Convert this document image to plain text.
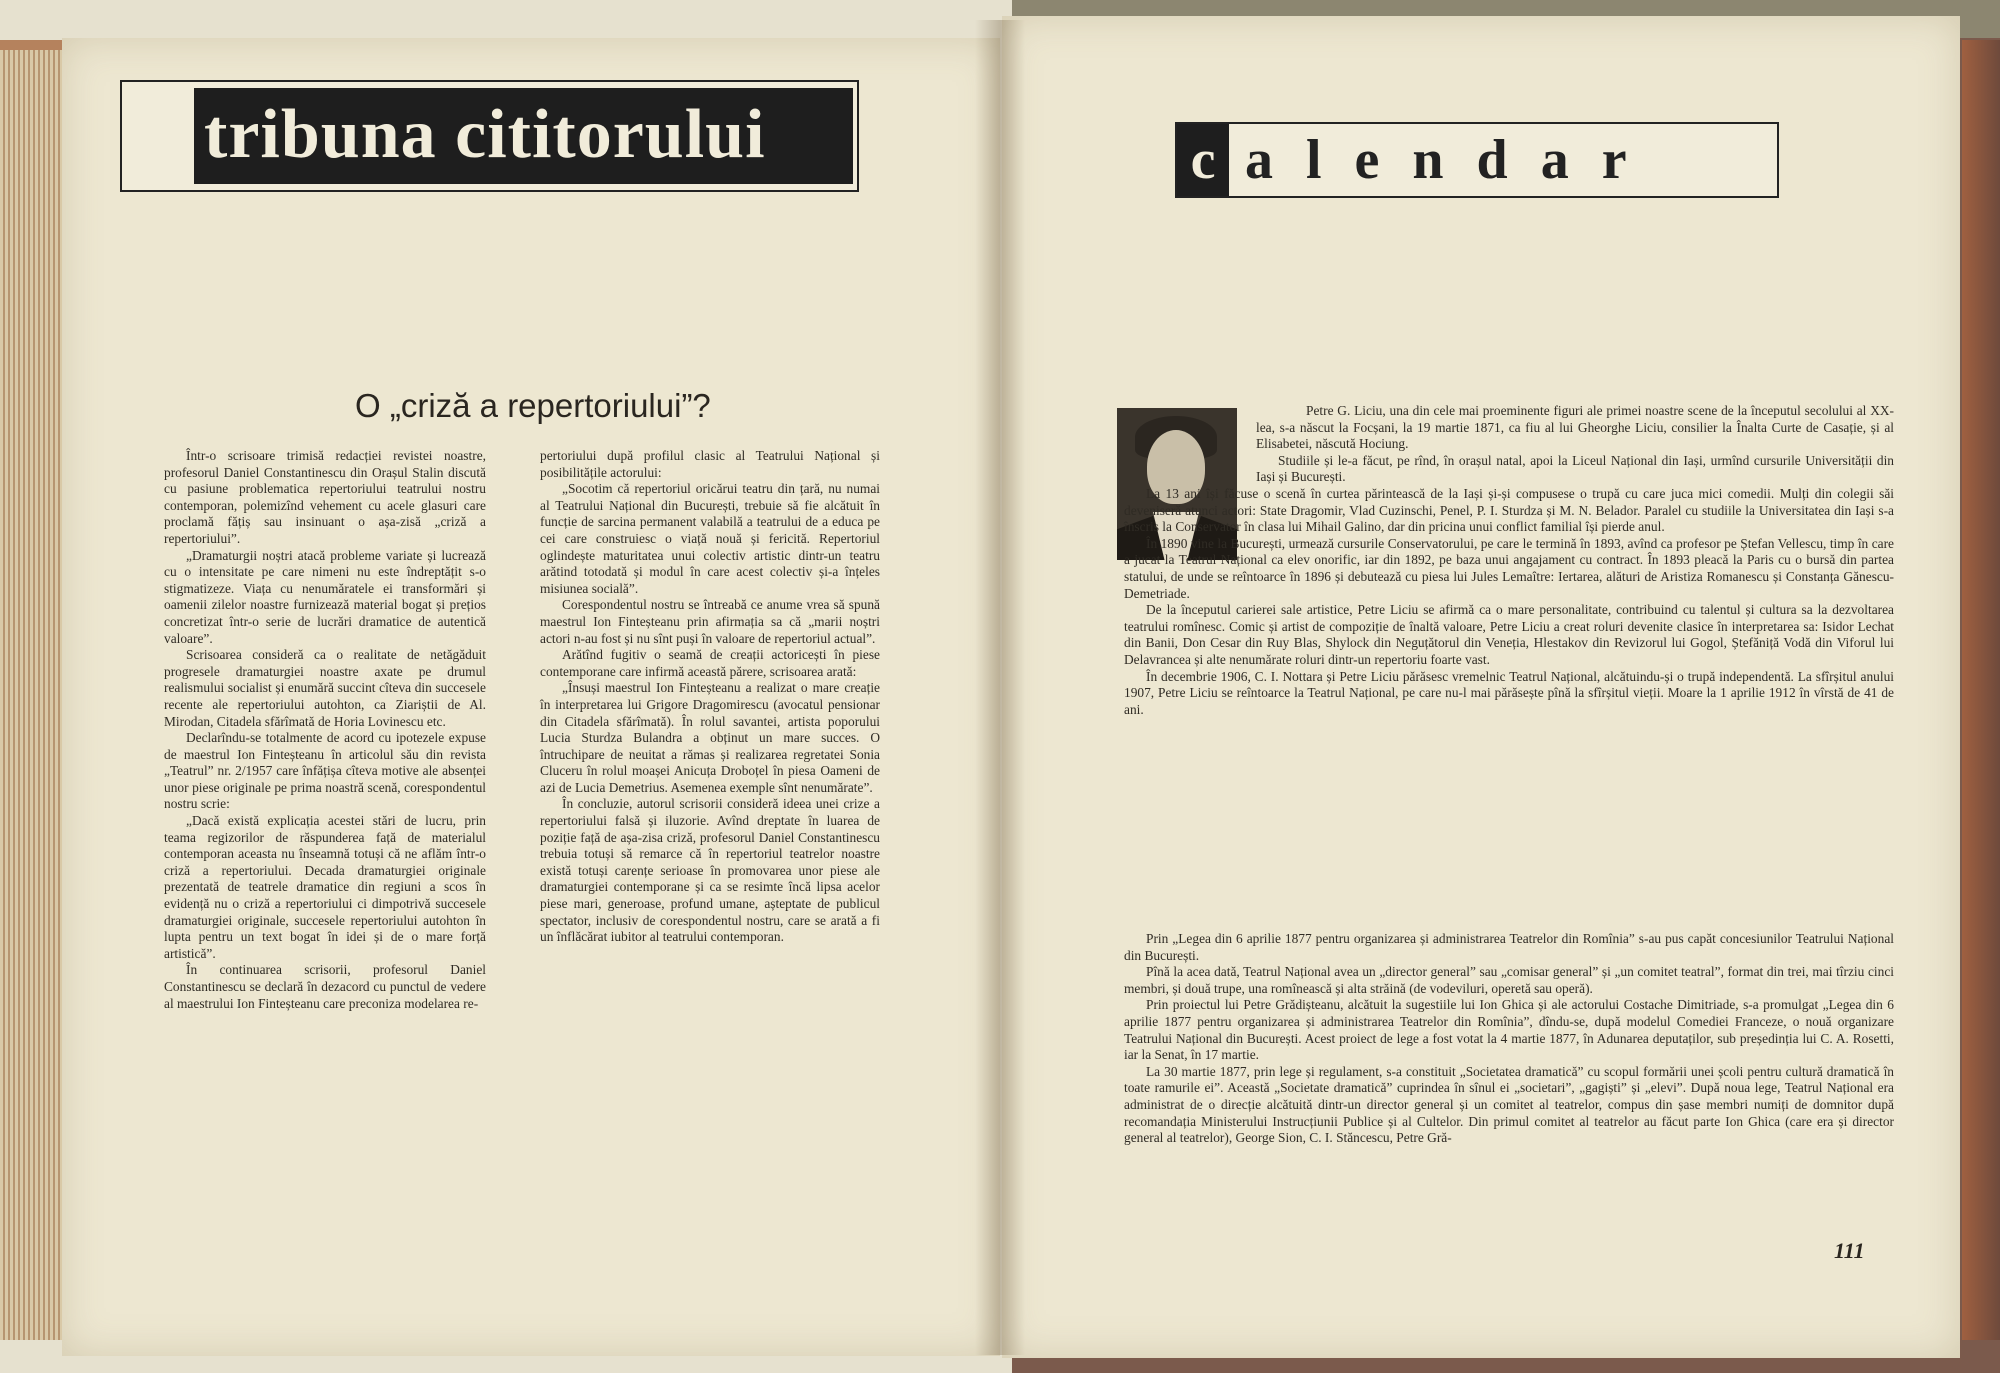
tribuna cititorului
O „criză a repertoriului”?

Într-o scrisoare trimisă redacției revistei noastre, profesorul Daniel Constantinescu din Orașul Stalin discută cu pasiune problematica repertoriului teatrului nostru contemporan, polemizînd vehement cu acele glasuri care proclamă fățiș sau insinuant o așa-zisă „criză a repertoriului”.

„Dramaturgii noștri atacă probleme variate și lucrează cu o intensitate pe care nimeni nu este îndreptățit s-o stigmatizeze. Viața cu nenumăratele ei transformări și oamenii zilelor noastre furnizează material bogat și prețios concretizat într-o serie de lucrări dramatice de autentică valoare”.

Scrisoarea consideră ca o realitate de netăgăduit progresele dramaturgiei noastre axate pe drumul realismului socialist și enumără succint cîteva din succesele recente ale repertoriului autohton, ca Ziariștii de Al. Mirodan, Citadela sfărîmată de Horia Lovinescu etc.

Declarîndu-se totalmente de acord cu ipotezele expuse de maestrul Ion Finteșteanu în articolul său din revista „Teatrul” nr. 2/1957 care înfățișa cîteva motive ale absenței unor piese originale pe prima noastră scenă, corespondentul nostru scrie:

„Dacă există explicația acestei stări de lucru, prin teama regizorilor de răspunderea față de materialul contemporan aceasta nu înseamnă totuși că ne aflăm într-o criză a repertoriului. Decada dramaturgiei originale prezentată de teatrele dramatice din regiuni a scos în evidență nu o criză a repertoriului ci dimpotrivă succesele dramaturgiei originale, succesele repertoriului autohton în lupta pentru un text bogat în idei și de o mare forță artistică”.

În continuarea scrisorii, profesorul Daniel Constantinescu se declară în dezacord cu punctul de vedere al maestrului Ion Finteșteanu care preconiza modelarea re-

pertoriului după profilul clasic al Teatrului Național și posibilitățile actorului:

„Socotim că repertoriul oricărui teatru din țară, nu numai al Teatrului Național din București, trebuie să fie alcătuit în funcție de sarcina permanent valabilă a teatrului de a educa pe cei care construiesc o viață nouă și fericită. Repertoriul oglindește maturitatea unui colectiv artistic dintr-un teatru arătind totodată și modul în care acest colectiv și-a înțeles misiunea socială”.

Corespondentul nostru se întreabă ce anume vrea să spună maestrul Ion Finteșteanu prin afirmația sa că „marii noștri actori n-au fost și nu sînt puși în valoare de repertoriul actual”.

Arătînd fugitiv o seamă de creații actoricești în piese contemporane care infirmă această părere, scrisoarea arată:

„Însuși maestrul Ion Finteșteanu a realizat o mare creație în interpretarea lui Grigore Dragomirescu (avocatul pensionar din Citadela sfărîmată). În rolul savantei, artista poporului Lucia Sturdza Bulandra a obținut un mare succes. O întruchipare de neuitat a rămas și realizarea regretatei Sonia Cluceru în rolul moașei Anicuța Droboțel în piesa Oameni de azi de Lucia Demetrius. Asemenea exemple sînt nenumărate”.

În concluzie, autorul scrisorii consideră ideea unei crize a repertoriului falsă și iluzorie. Avînd dreptate în luarea de poziție față de așa-zisa criză, profesorul Daniel Constantinescu trebuia totuși să remarce că în repertoriul teatrelor noastre există totuși carențe serioase în promovarea unor piese ale dramaturgiei contemporane și ca se resimte încă lipsa acelor piese mari, generoase, profund umane, așteptate de publicul spectator, inclusiv de corespondentul nostru, care se arată a fi un înflăcărat iubitor al teatrului contemporan.

c alendar

Petre G. Liciu, una din cele mai proeminente figuri ale primei noastre scene de la începutul secolului al XX-lea, s-a născut la Focșani, la 19 martie 1871, ca fiu al lui Gheorghe Liciu, consilier la Înalta Curte de Casație, și al Elisabetei, născută Hociung.

Studiile și le-a făcut, pe rînd, în orașul natal, apoi la Liceul Național din Iași, urmînd cursurile Universității din Iași și București.

La 13 ani își făcuse o scenă în curtea părintească de la Iași și-și compusese o trupă cu care juca mici comedii. Mulți din colegii săi deveniseră atunci actori: State Dragomir, Vlad Cuzinschi, Penel, P. I. Sturdza și M. N. Belador. Paralel cu studiile la Universitatea din Iași s-a înscris la Conservator în clasa lui Mihail Galino, dar din pricina unui conflict familial își pierde anul.

În 1890 vine la București, urmează cursurile Conservatorului, pe care le termină în 1893, avînd ca profesor pe Ștefan Vellescu, timp în care a jucat la Teatrul Național ca elev onorific, iar din 1892, pe baza unui angajament cu contract. În 1893 pleacă la Paris cu o bursă din partea statului, de unde se reîntoarce în 1896 și debutează cu piesa lui Jules Lemaître: Iertarea, alături de Aristiza Romanescu și Constanța Gănescu-Demetriade.

De la începutul carierei sale artistice, Petre Liciu se afirmă ca o mare personalitate, contribuind cu talentul și cultura sa la dezvoltarea teatrului romînesc. Comic și artist de compoziție de înaltă valoare, Petre Liciu a creat roluri devenite clasice în interpretarea sa: Isidor Lechat din Banii, Don Cesar din Ruy Blas, Shylock din Neguțătorul din Veneția, Hlestakov din Revizorul lui Gogol, Ștefăniță Vodă din Viforul lui Delavrancea și alte nenumărate roluri dintr-un repertoriu foarte vast.

În decembrie 1906, C. I. Nottara și Petre Liciu părăsesc vremelnic Teatrul Național, alcătuindu-și o trupă independentă. La sfîrșitul anului 1907, Petre Liciu se reîntoarce la Teatrul Național, pe care nu-l mai părăsește pînă la sfîrșitul vieții. Moare la 1 aprilie 1912 în vîrstă de 41 de ani.

Prin „Legea din 6 aprilie 1877 pentru organizarea și administrarea Teatrelor din Romînia” s-au pus capăt concesiunilor Teatrului Național din București.

Pînă la acea dată, Teatrul Național avea un „director general” sau „comisar general” și „un comitet teatral”, format din trei, mai tîrziu cinci membri, și două trupe, una romînească și alta străină (de vodeviluri, operetă sau operă).

Prin proiectul lui Petre Grădișteanu, alcătuit la sugestiile lui Ion Ghica și ale actorului Costache Dimitriade, s-a promulgat „Legea din 6 aprilie 1877 pentru organizarea și administrarea Teatrelor din Romînia”, dîndu-se, după modelul Comediei Franceze, o nouă organizare Teatrului Național din București. Acest proiect de lege a fost votat la 4 martie 1877, în Adunarea deputaților, sub președinția lui C. A. Rosetti, iar la Senat, în 17 martie.

La 30 martie 1877, prin lege și regulament, s-a constituit „Societatea dramatică” cu scopul formării unei școli pentru cultură dramatică în toate ramurile ei”. Această „Societate dramatică” cuprindea în sînul ei „societari”, „gagiști” și „elevi”. După noua lege, Teatrul Național era administrat de o direcție alcătuită dintr-un director general și un comitet al teatrelor, compus din șase membri numiți de domnitor după recomandația Ministerului Instrucțiunii Publice și al Cultelor. Din primul comitet al teatrelor au făcut parte Ion Ghica (care era și director general al teatrelor), George Sion, C. I. Stăncescu, Petre Gră-

111
